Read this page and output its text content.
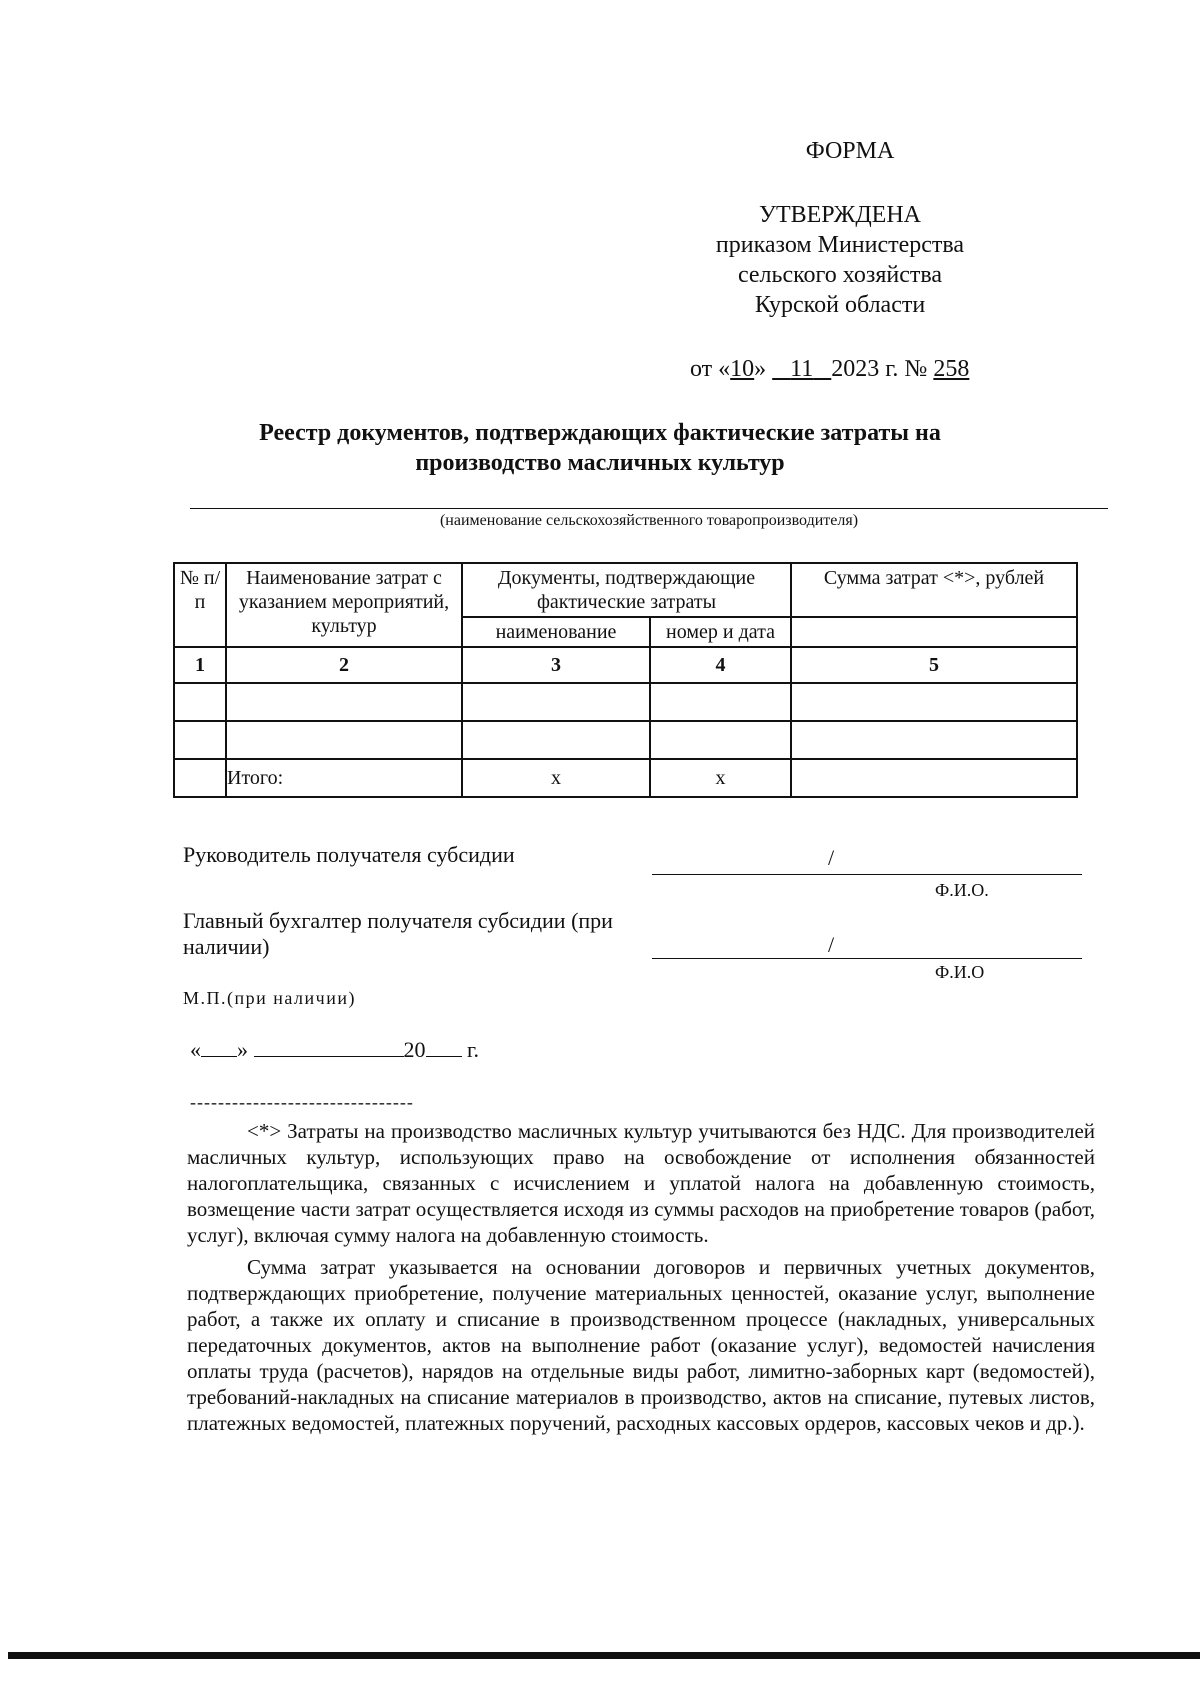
ФОРМА
УТВЕРЖДЕНА
приказом Министерства
сельского хозяйства
Курской области
от «10» 11 2023 г. № 258
Реестр документов, подтверждающих фактические затраты на
производство масличных культур
(наименование сельскохозяйственного товаропроизводителя)
№ п/п	Наименование затрат с указанием мероприятий, культур	Документы, подтверждающие фактические затраты		Сумма затрат <*>, рублей
		наименование	номер и дата	
1	2	3	4	5

	Итого:	x	x	
Руководитель получателя субсидии	/
Ф.И.О.
Главный бухгалтер получателя субсидии (при
наличии)	/
Ф.И.О
М.П.(при наличии)
« »	20 г.
--------------------------------

<*> Затраты на производство масличных культур учитываются без НДС. Для производителей масличных культур, использующих право на освобождение от исполнения обязанностей налогоплательщика, связанных с исчислением и уплатой налога на добавленную стоимость, возмещение части затрат осуществляется исходя из суммы расходов на приобретение товаров (работ, услуг), включая сумму налога на добавленную стоимость.

Сумма затрат указывается на основании договоров и первичных учетных документов, подтверждающих приобретение, получение материальных ценностей, оказание услуг, выполнение работ, а также их оплату и списание в производственном процессе (накладных, универсальных передаточных документов, актов на выполнение работ (оказание услуг), ведомостей начисления оплаты труда (расчетов), нарядов на отдельные виды работ, лимитно-заборных карт (ведомостей), требований-накладных на списание материалов в производство, актов на списание, путевых листов, платежных ведомостей, платежных поручений, расходных кассовых ордеров, кассовых чеков и др.).
